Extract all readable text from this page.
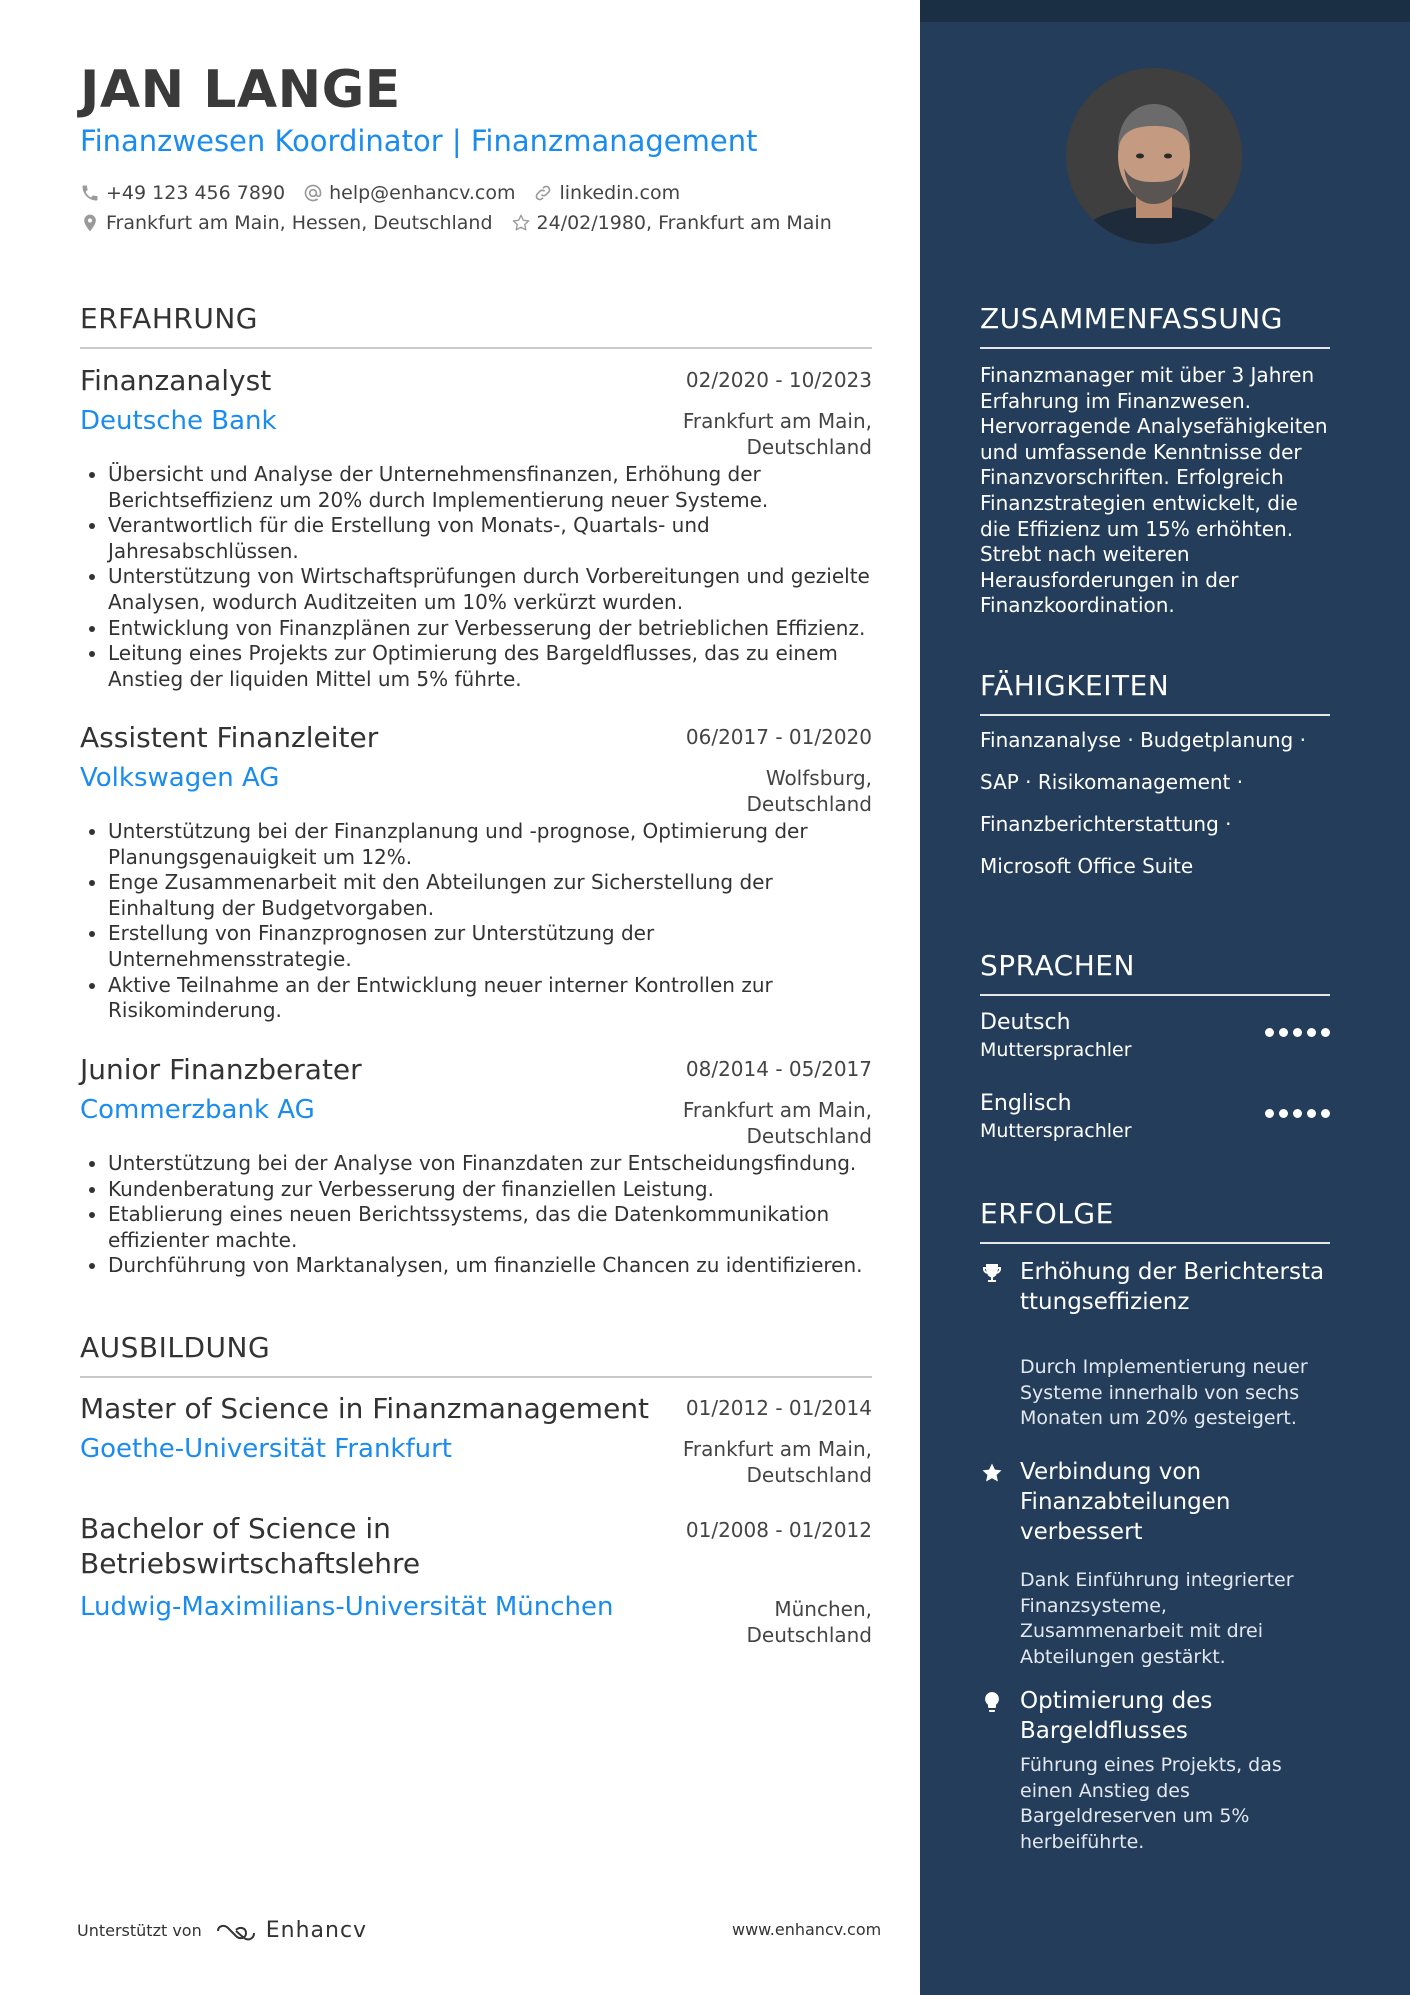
JAN LANGE
Finanzwesen Koordinator | Finanzmanagement
+49 123 456 7890 help@enhancv.com linkedin.com
Frankfurt am Main, Hessen, Deutschland 24/02/1980, Frankfurt am Main
ERFAHRUNG
Finanzanalyst	02/2020 - 10/2023
Deutsche Bank	Frankfurt am Main,
Deutschland
• Übersicht und Analyse der Unternehmensfinanzen, Erhöhung der Berichtseffizienz um 20% durch Implementierung neuer Systeme.
• Verantwortlich für die Erstellung von Monats-, Quartals- und Jahresabschlüssen.
• Unterstützung von Wirtschaftsprüfungen durch Vorbereitungen und gezielte Analysen, wodurch Auditzeiten um 10% verkürzt wurden.
• Entwicklung von Finanzplänen zur Verbesserung der betrieblichen Effizienz.
• Leitung eines Projekts zur Optimierung des Bargeldflusses, das zu einem Anstieg der liquiden Mittel um 5% führte.
Assistent Finanzleiter	06/2017 - 01/2020
Volkswagen AG	Wolfsburg,
Deutschland
• Unterstützung bei der Finanzplanung und -prognose, Optimierung der Planungsgenauigkeit um 12%.
• Enge Zusammenarbeit mit den Abteilungen zur Sicherstellung der Einhaltung der Budgetvorgaben.
• Erstellung von Finanzprognosen zur Unterstützung der Unternehmensstrategie.
• Aktive Teilnahme an der Entwicklung neuer interner Kontrollen zur Risikominderung.
Junior Finanzberater	08/2014 - 05/2017
Commerzbank AG	Frankfurt am Main,
Deutschland
• Unterstützung bei der Analyse von Finanzdaten zur Entscheidungsfindung.
• Kundenberatung zur Verbesserung der finanziellen Leistung.
• Etablierung eines neuen Berichtssystems, das die Datenkommunikation effizienter machte.
• Durchführung von Marktanalysen, um finanzielle Chancen zu identifizieren.
AUSBILDUNG
Master of Science in Finanzmanagement 01/2012 - 01/2014
Goethe-Universität Frankfurt	Frankfurt am Main,
Deutschland
Bachelor of Science in
Betriebswirtschaftslehre
01/2008 - 01/2012
Ludwig-Maximilians-Universität München	München,
Deutschland
Unterstützt von	Enhancv	www.enhancv.com
ZUSAMMENFASSUNG
Finanzmanager mit über 3 Jahren Erfahrung im Finanzwesen. Hervorragende Analysefähigkeiten und umfassende Kenntnisse der Finanzvorschriften. Erfolgreich Finanzstrategien entwickelt, die die Effizienz um 15% erhöhten. Strebt nach weiteren Herausforderungen in der Finanzkoordination.
FÄHIGKEITEN
Finanzanalyse · Budgetplanung ·
SAP · Risikomanagement ·
Finanzberichterstattung ·
Microsoft Office Suite
SPRACHEN
Deutsch
Muttersprachler
Englisch
Muttersprachler
ERFOLGE
Erhöhung der Berichterstattungseffizienz
Durch Implementierung neuer Systeme innerhalb von sechs Monaten um 20% gesteigert.
Verbindung von Finanzabteilungen verbessert
Dank Einführung integrierter Finanzsysteme, Zusammenarbeit mit drei Abteilungen gestärkt.
Optimierung des Bargeldflusses
Führung eines Projekts, das einen Anstieg des Bargeldreserven um 5% herbeiführte.
